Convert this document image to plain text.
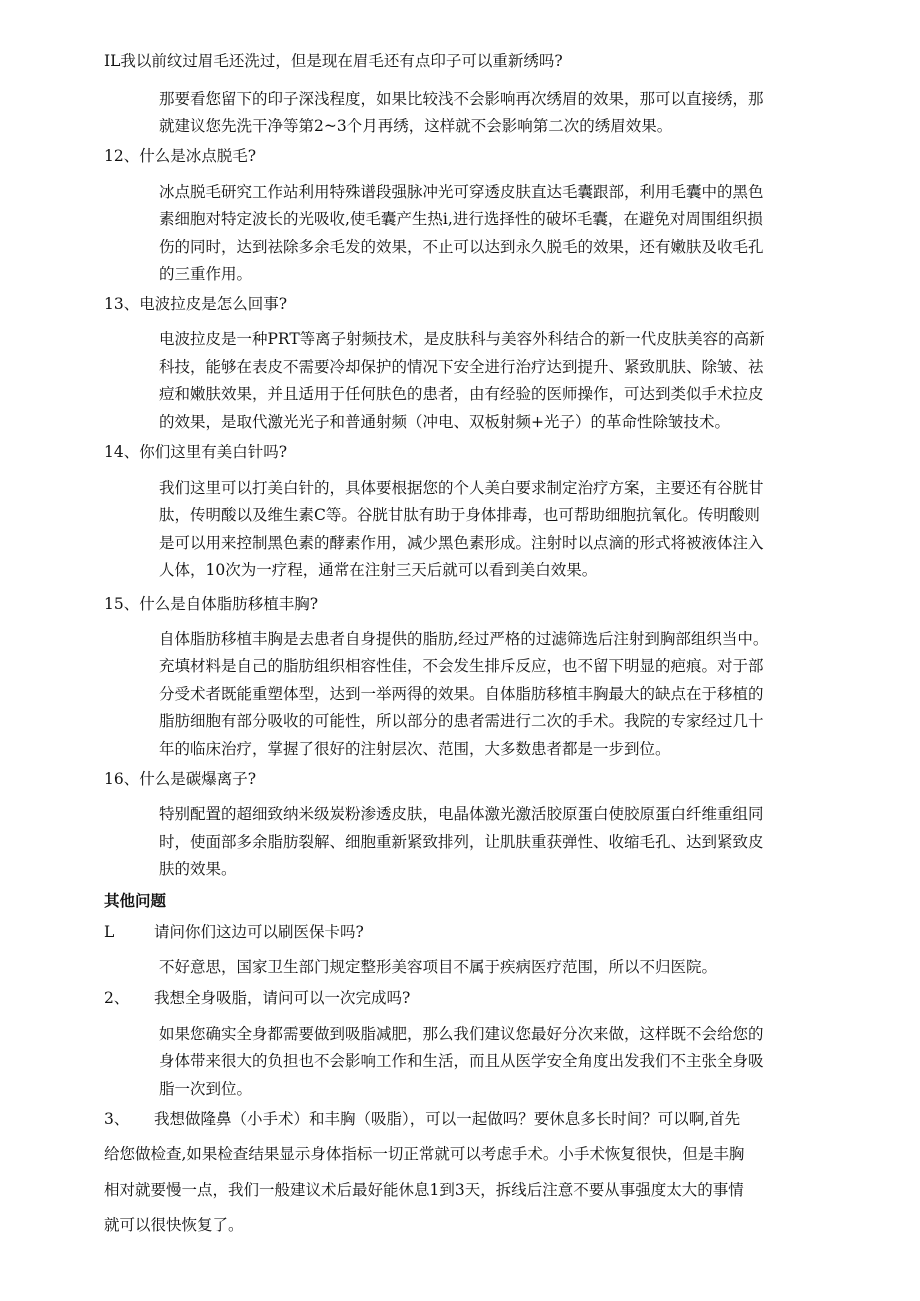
IL我以前纹过眉毛还洗过，但是现在眉毛还有点印子可以重新绣吗?
那要看您留下的印子深浅程度，如果比较浅不会影响再次绣眉的效果，那可以直接绣，那
就建议您先洗干净等第2~3个月再绣，这样就不会影响第二次的绣眉效果。
12、什么是冰点脱毛?
冰点脱毛研究工作站利用特殊谱段强脉冲光可穿透皮肤直达毛囊跟部，利用毛囊中的黑色
素细胞对特定波长的光吸收,使毛囊产生热i,进行选择性的破坏毛囊，在避免对周围组织损
伤的同时，达到祛除多余毛发的效果，不止可以达到永久脱毛的效果，还有嫩肤及收毛孔
的三重作用。
13、电波拉皮是怎么回事?
电波拉皮是一种PRT等离子射频技术，是皮肤科与美容外科结合的新一代皮肤美容的高新
科技，能够在表皮不需要冷却保护的情况下安全进行治疗达到提升、紧致肌肤、除皱、祛
痘和嫩肤效果，并且适用于任何肤色的患者，由有经验的医师操作，可达到类似手术拉皮
的效果，是取代激光光子和普通射频（冲电、双板射频+光子）的革命性除皱技术。
14、你们这里有美白针吗?
我们这里可以打美白针的，具体要根据您的个人美白要求制定治疗方案，主要还有谷胱甘
肽，传明酸以及维生素C等。谷胱甘肽有助于身体排毒，也可帮助细胞抗氧化。传明酸则
是可以用来控制黑色素的酵素作用，减少黑色素形成。注射时以点滴的形式将被液体注入
人体，10次为一疗程，通常在注射三天后就可以看到美白效果。
15、什么是自体脂肪移植丰胸?
自体脂肪移植丰胸是去患者自身提供的脂肪,经过严格的过滤筛选后注射到胸部组织当中。
充填材料是自己的脂肪组织相容性佳，不会发生排斥反应，也不留下明显的疤痕。对于部
分受术者既能重塑体型，达到一举两得的效果。自体脂肪移植丰胸最大的缺点在于移植的
脂肪细胞有部分吸收的可能性，所以部分的患者需进行二次的手术。我院的专家经过几十
年的临床治疗，掌握了很好的注射层次、范围，大多数患者都是一步到位。
16、什么是碳爆离子?
特别配置的超细致纳米级炭粉渗透皮肤，电晶体激光激活胶原蛋白使胶原蛋白纤维重组同
时，使面部多余脂肪裂解、细胞重新紧致排列，让肌肤重获弹性、收缩毛孔、达到紧致皮
肤的效果。
其他问题
L	请问你们这边可以刷医保卡吗?
不好意思，国家卫生部门规定整形美容项目不属于疾病医疗范围，所以不归医院。
2、 我想全身吸脂，请问可以一次完成吗?
如果您确实全身都需要做到吸脂减肥，那么我们建议您最好分次来做，这样既不会给您的
身体带来很大的负担也不会影响工作和生活，而且从医学安全角度出发我们不主张全身吸
脂一次到位。
3、 我想做隆鼻（小手术）和丰胸（吸脂），可以一起做吗？要休息多长时间？可以啊,首先
给您做检查,如果检查结果显示身体指标一切正常就可以考虑手术。小手术恢复很快，但是丰胸
相对就要慢一点，我们一般建议术后最好能休息1到3天，拆线后注意不要从事强度太大的事情
就可以很快恢复了。
